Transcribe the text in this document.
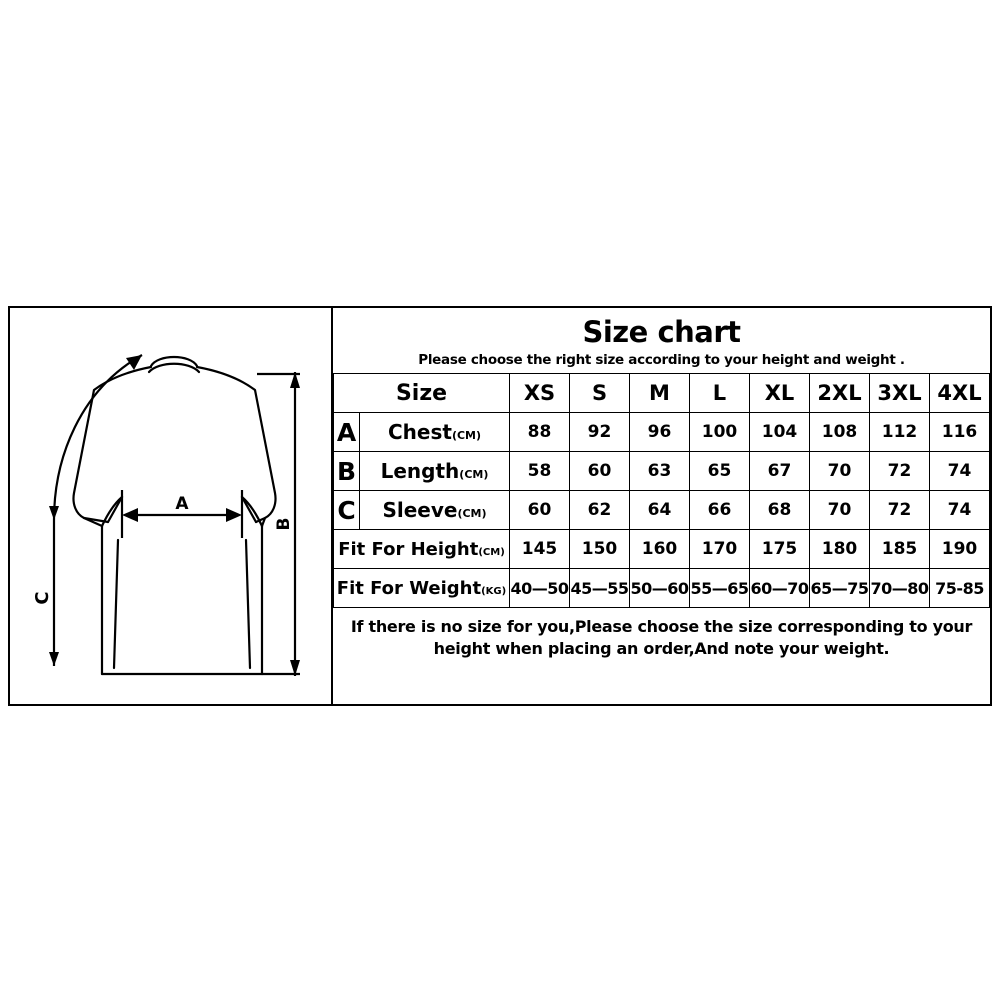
C
A
B
Size chart
Please choose the right size according to your height and weight .
Size		XS	S	M	L	XL	2XL	3XL	4XL
A	Chest(CM)	88	92	96	100	104	108	112	116
B	Length(CM)	58	60	63	65	67	70	72	74
C	Sleeve(CM)	60	62	64	66	68	70	72	74
Fit For Height(CM)		145	150	160	170	175	180	185	190
Fit For Weight(KG)		40—50	45—55	50—60	55—65	60—70	65—75	70—80	75-85
If there is no size for you,Please choose the size corresponding to your height when placing an order,And note your weight.
